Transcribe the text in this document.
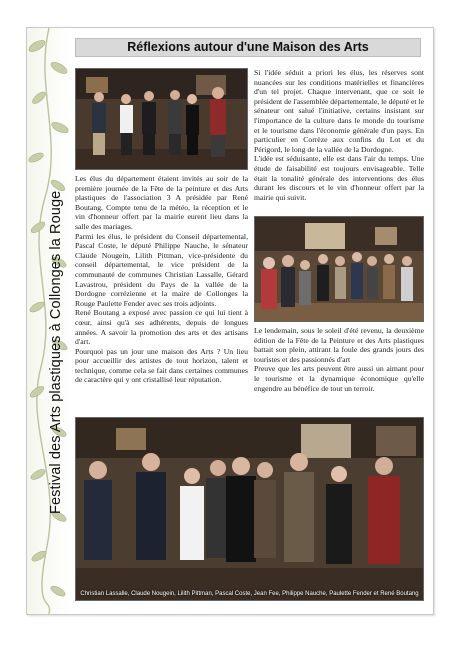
Festival des Arts plastiques à Collonges la Rouge
Réflexions autour d'une Maison des Arts

Les élus du département étaient invités au soir de la première journée de la Fête de la peinture et des Arts plastiques de l'association 3 A présidée par René Boutang. Compte tenu de la météo, la réception et le vin d'honneur offert par la mairie eurent lieu dans la salle des mariages.

Parmi les élus, le président du Conseil départemental, Pascal Coste, le député Philippe Nauche, le sénateur Claude Nougein, Lilith Pittman, vice-présidente du conseil départemental, le vice président de la communauté de communes Christian Lassalle, Gérard Lavastrou, président du Pays de la vallée de la Dordogne corrézienne et la maire de Collonges la Rouge Paulette Fender avec ses trois adjoints.

René Boutang a exposé avec passion ce qui lui tient à cœur, ainsi qu'à ses adhérents, depuis de longues années. A savoir la promotion des arts et des artisans d'art.

Pourquoi pas un jour une maison des Arts ? Un lieu pour accueillir des artistes de tout horizon, talent et technique, comme cela se fait dans certaines communes de caractère qui y ont cristallisé leur réputation.

Si l'idée séduit a priori les élus, les réserves sont nuancées sur les conditions matérielles et financières d'un tel projet. Chaque intervenant, que ce soit le président de l'assemblée départementale, le député et le sénateur ont salué l'initiative, certains insistant sur l'importance de la culture dans le monde du tourisme et le tourisme dans l'économie générale d'un pays. En particulier en Corrèze aux confins du Lot et du Périgord, le long de la vallée de la Dordogne.

L'idée est séduisante, elle est dans l'air du temps. Une étude de faisabilité est toujours envisageable. Telle était la tonalité générale des interventions des élus durant les discours et le vin d'honneur offert par la mairie qui suivit.

Le lendemain, sous le soleil d'été revenu, la deuxième édition de la Fête de la Peinture et des Arts plastiques battait son plein, attirant la foule des grands jours des touristes et des passionnés d'art

Preuve que les arts peuvent être aussi un aimant pour le tourisme et la dynamique économique qu'elle engendre au bénéfice de tout un terroir.

Christian Lassalle, Claude Nougein, Lilith Pittman, Pascal Coste, Jean Fee, Philippe Nauche, Paulette Fender et René Boutang
